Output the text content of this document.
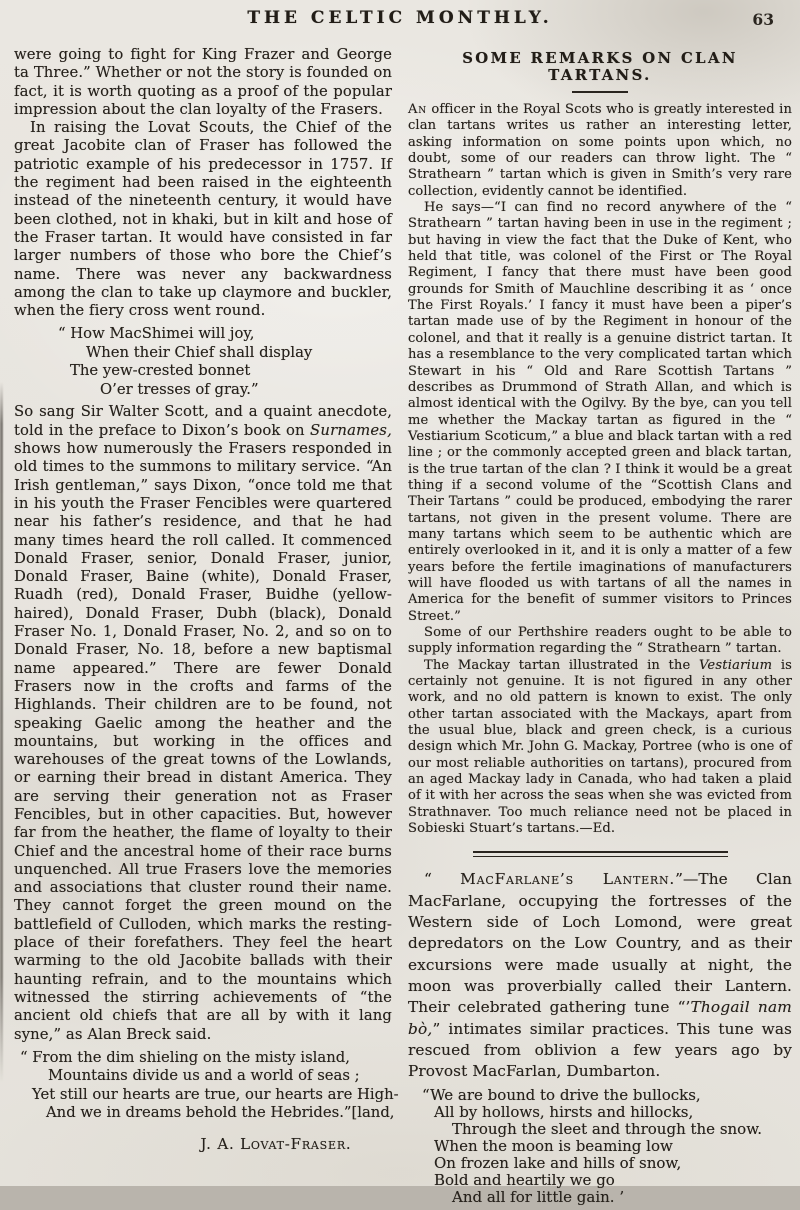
THE CELTIC MONTHLY.	63

were going to fight for King Frazer and George ta Three.” Whether or not the story is founded on fact, it is worth quoting as a proof of the popular impression about the clan loyalty of the Frasers.

In raising the Lovat Scouts, the Chief of the great Jacobite clan of Fraser has followed the patriotic example of his predecessor in 1757. If the regiment had been raised in the eighteenth instead of the nineteenth century, it would have been clothed, not in khaki, but in kilt and hose of the Fraser tartan. It would have consisted in far larger numbers of those who bore the Chief’s name. There was never any backwardness among the clan to take up claymore and buckler, when the fiery cross went round.

“ How MacShimei will joy,
When their Chief shall display
The yew-crested bonnet
O’er tresses of gray.”

So sang Sir Walter Scott, and a quaint anecdote, told in the preface to Dixon’s book on Surnames, shows how numerously the Frasers responded in old times to the summons to military service. “An Irish gentleman,” says Dixon, “once told me that in his youth the Fraser Fencibles were quartered near his father’s residence, and that he had many times heard the roll called. It commenced Donald Fraser, senior, Donald Fraser, junior, Donald Fraser, Baine (white), Donald Fraser, Ruadh (red), Donald Fraser, Buidhe (yellow-haired), Donald Fraser, Dubh (black), Donald Fraser No. 1, Donald Fraser, No. 2, and so on to Donald Fraser, No. 18, before a new baptismal name appeared.” There are fewer Donald Frasers now in the crofts and farms of the Highlands. Their children are to be found, not speaking Gaelic among the heather and the mountains, but working in the offices and warehouses of the great towns of the Lowlands, or earning their bread in distant America. They are serving their generation not as Fraser Fencibles, but in other capacities. But, however far from the heather, the flame of loyalty to their Chief and the ancestral home of their race burns unquenched. All true Frasers love the memories and associations that cluster round their name. They cannot forget the green mound on the battlefield of Culloden, which marks the resting-place of their forefathers. They feel the heart warming to the old Jacobite ballads with their haunting refrain, and to the mountains which witnessed the stirring achievements of “the ancient old chiefs that are all by with it lang syne,” as Alan Breck said.

“ From the dim shieling on the misty island,
Mountains divide us and a world of seas ;
Yet still our hearts are true, our hearts are High-
And we in dreams behold the Hebrides.”[land,

J. A. Lovat-Fraser.

SOME REMARKS ON CLAN TARTANS.

An officer in the Royal Scots who is greatly interested in clan tartans writes us rather an interesting letter, asking information on some points upon which, no doubt, some of our readers can throw light. The “ Strathearn ” tartan which is given in Smith’s very rare collection, evidently cannot be identified.

He says—“I can find no record anywhere of the “ Strathearn ” tartan having been in use in the regiment ; but having in view the fact that the Duke of Kent, who held that title, was colonel of the First or The Royal Regiment, I fancy that there must have been good grounds for Smith of Mauchline describing it as ‘ once The First Royals.’ I fancy it must have been a piper’s tartan made use of by the Regiment in honour of the colonel, and that it really is a genuine district tartan. It has a resemblance to the very complicated tartan which Stewart in his “ Old and Rare Scottish Tartans ” describes as Drummond of Strath Allan, and which is almost identical with the Ogilvy. By the bye, can you tell me whether the Mackay tartan as figured in the “ Vestiarium Scoticum,” a blue and black tartan with a red line ; or the commonly accepted green and black tartan, is the true tartan of the clan ? I think it would be a great thing if a second volume of the “Scottish Clans and Their Tartans ” could be produced, embodying the rarer tartans, not given in the present volume. There are many tartans which seem to be authentic which are entirely overlooked in it, and it is only a matter of a few years before the fertile imaginations of manufacturers will have flooded us with tartans of all the names in America for the benefit of summer visitors to Princes Street.”

Some of our Perthshire readers ought to be able to supply information regarding the “ Strathearn ” tartan.

The Mackay tartan illustrated in the Vestiarium is certainly not genuine. It is not figured in any other work, and no old pattern is known to exist. The only other tartan associated with the Mackays, apart from the usual blue, black and green check, is a curious design which Mr. John G. Mackay, Portree (who is one of our most reliable authorities on tartans), procured from an aged Mackay lady in Canada, who had taken a plaid of it with her across the seas when she was evicted from Strathnaver. Too much reliance need not be placed in Sobieski Stuart’s tartans.—Ed.

“ MacFarlane’s Lantern.”—The Clan MacFarlane, occupying the fortresses of the Western side of Loch Lomond, were great depredators on the Low Country, and as their excursions were made usually at night, the moon was proverbially called their Lantern. Their celebrated gathering tune “’Thogail nam bò,” intimates similar practices. This tune was rescued from oblivion a few years ago by Provost MacFarlan, Dumbarton.

“We are bound to drive the bullocks,
All by hollows, hirsts and hillocks,
Through the sleet and through the snow.
When the moon is beaming low
On frozen lake and hills of snow,
Bold and heartily we go
And all for little gain. ’
